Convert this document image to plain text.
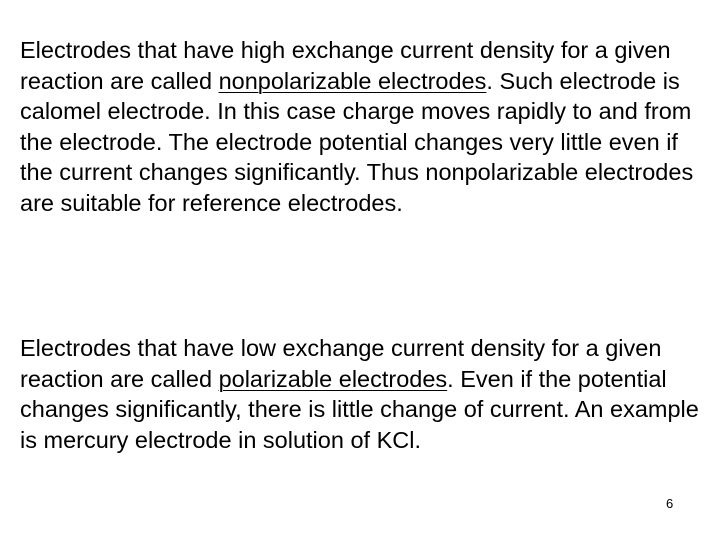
Electrodes that have high exchange current density for a given reaction are called nonpolarizable electrodes. Such electrode is calomel electrode. In this case charge moves rapidly to and from the electrode. The electrode potential changes very little even if the current changes significantly. Thus nonpolarizable electrodes are suitable for reference electrodes.

Electrodes that have low exchange current density for a given reaction are called polarizable electrodes. Even if the potential changes significantly, there is little change of current. An example is mercury electrode in solution of KCl.

6
